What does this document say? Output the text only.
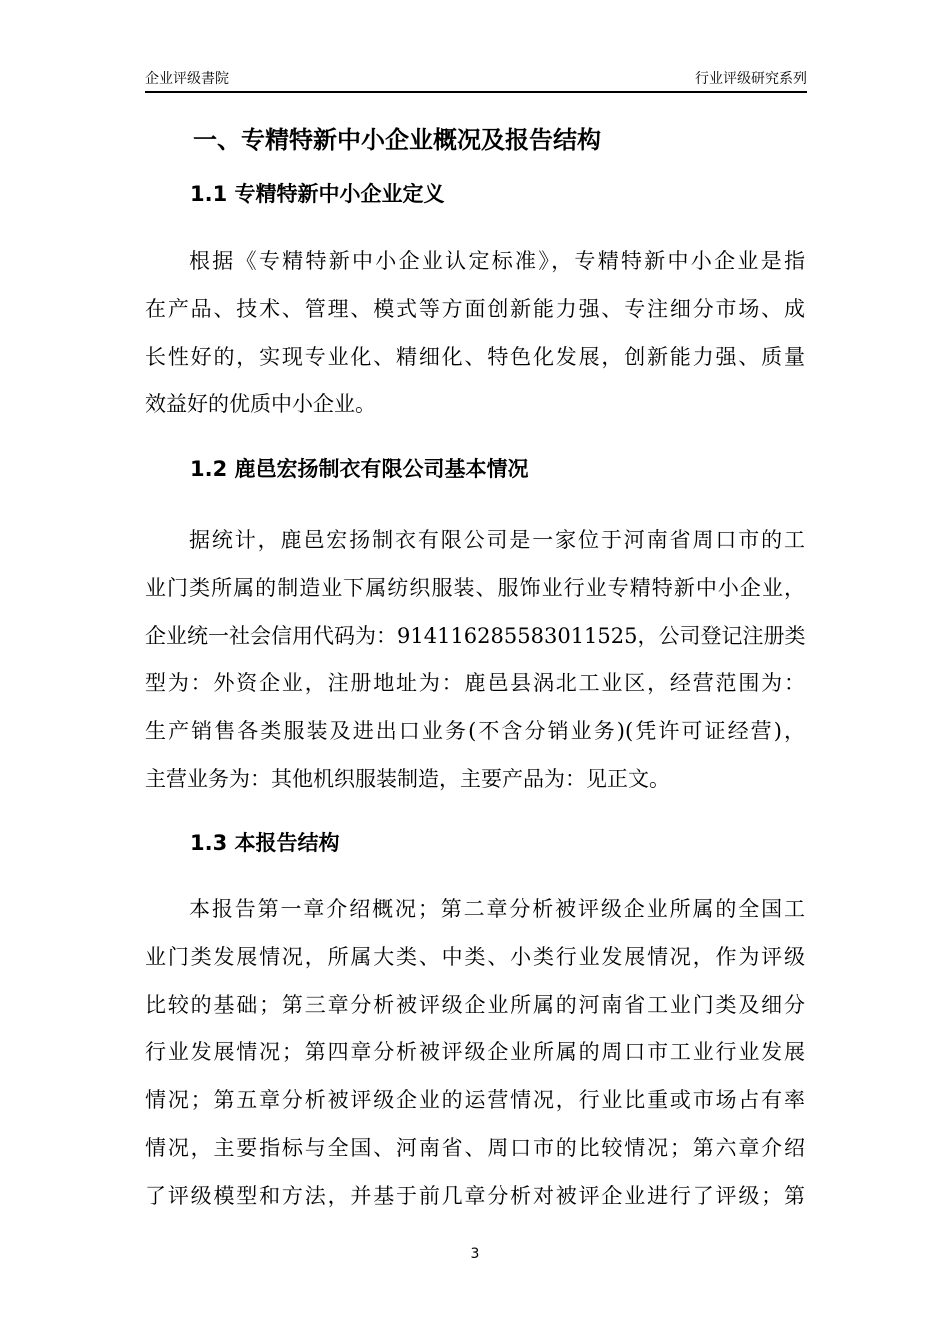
企业评级書院	行业评级研究系列
一、专精特新中小企业概况及报告结构
1.1 专精特新中小企业定义
根据《专精特新中小企业认定标准》，专精特新中小企业是指
在产品、技术、管理、模式等方面创新能力强、专注细分市场、成
长性好的，实现专业化、精细化、特色化发展，创新能力强、质量
效益好的优质中小企业。
1.2 鹿邑宏扬制衣有限公司基本情况
据统计，鹿邑宏扬制衣有限公司是一家位于河南省周口市的工
业门类所属的制造业下属纺织服装、服饰业行业专精特新中小企业，
企业统一社会信用代码为：914116285583011525，公司登记注册类
型为：外资企业，注册地址为：鹿邑县涡北工业区，经营范围为：
生产销售各类服装及进出口业务(不含分销业务)(凭许可证经营)，
主营业务为：其他机织服装制造，主要产品为：见正文。
1.3 本报告结构
本报告第一章介绍概况；第二章分析被评级企业所属的全国工
业门类发展情况，所属大类、中类、小类行业发展情况，作为评级
比较的基础；第三章分析被评级企业所属的河南省工业门类及细分
行业发展情况；第四章分析被评级企业所属的周口市工业行业发展
情况；第五章分析被评级企业的运营情况，行业比重或市场占有率
情况，主要指标与全国、河南省、周口市的比较情况；第六章介绍
了评级模型和方法，并基于前几章分析对被评企业进行了评级；第
3
